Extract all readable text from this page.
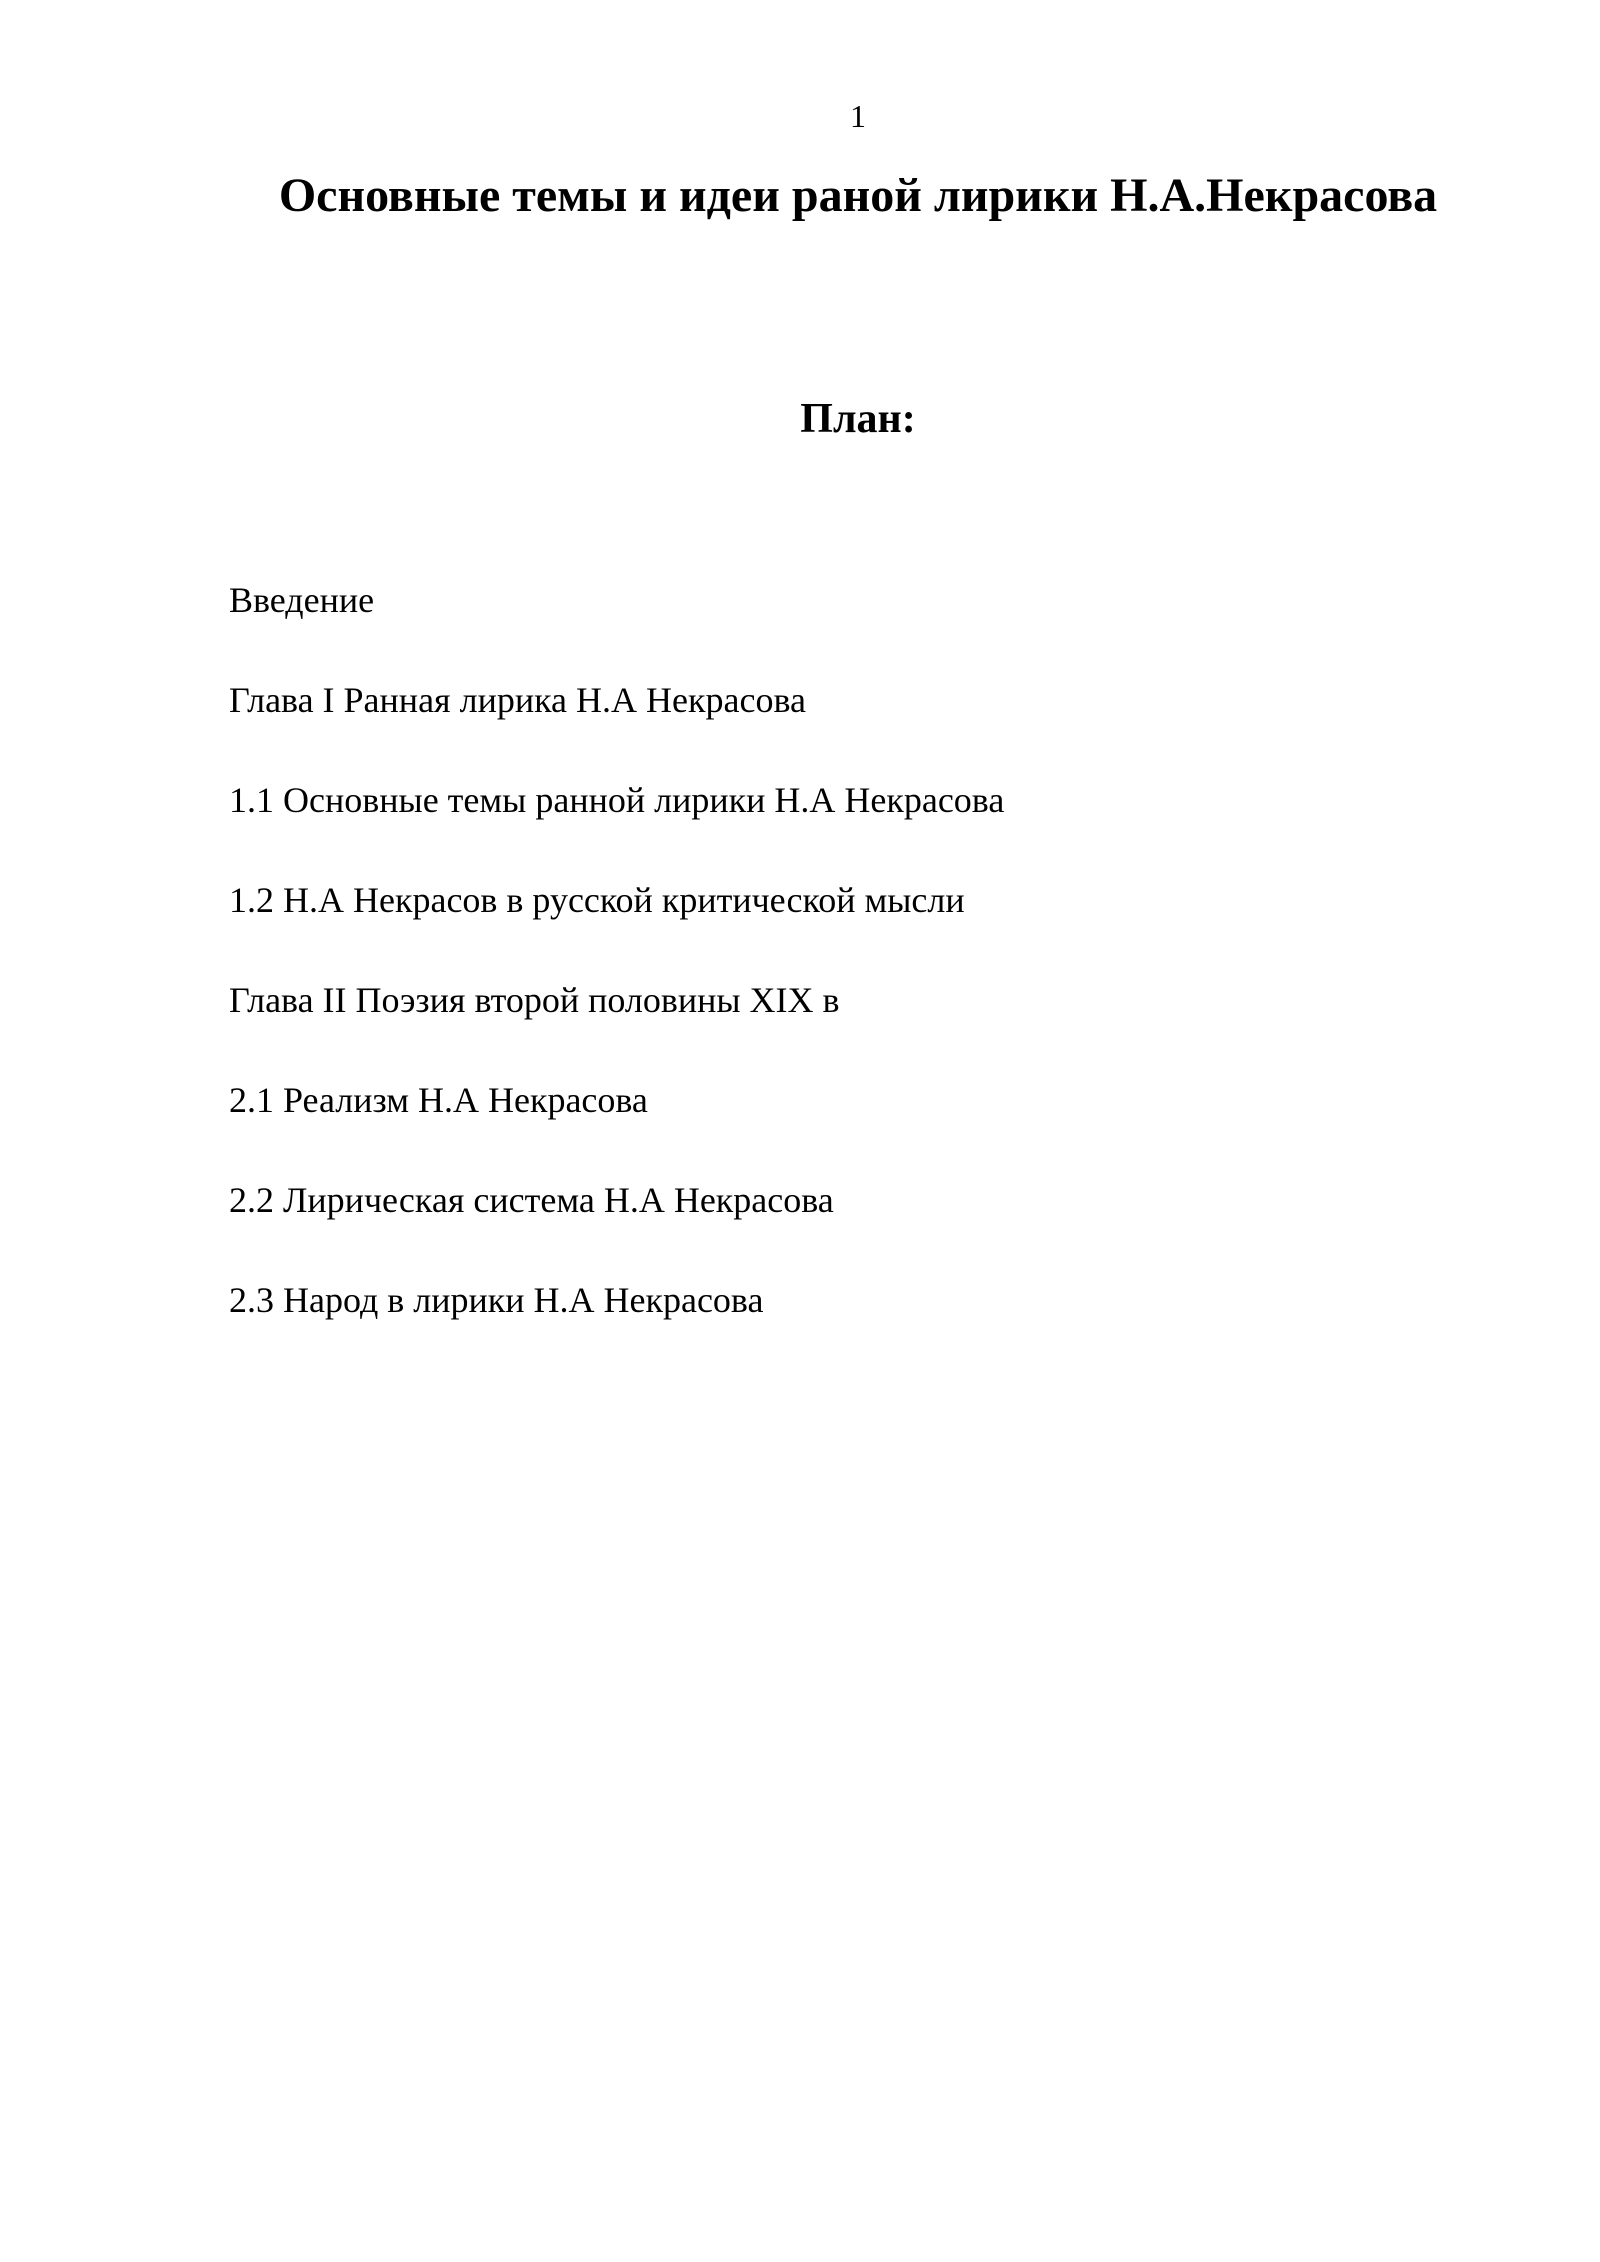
1
Основные темы и идеи раной лирики Н.А.Некрасова
План:
Введение
Глава I Ранная лирика Н.А Некрасова
1.1 Основные темы ранной лирики Н.А Некрасова
1.2 Н.А Некрасов в русской критической мысли
Глава II Поэзия второй половины XIX в
2.1 Реализм Н.А Некрасова
2.2 Лирическая система Н.А Некрасова
2.3 Народ в лирики Н.А Некрасова
